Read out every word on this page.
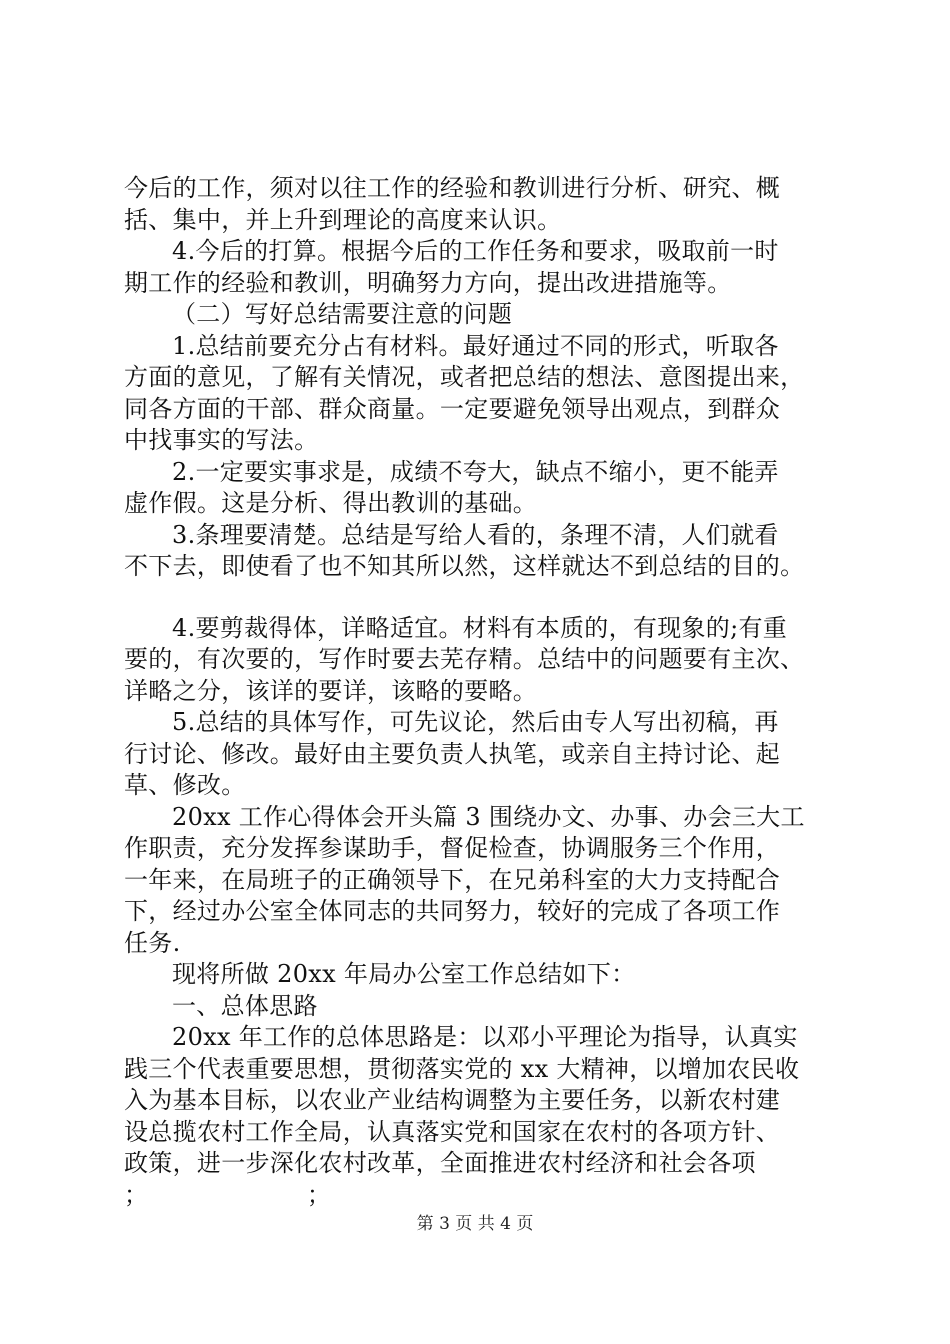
今后的工作，须对以往工作的经验和教训进行分析、研究、概
括、集中，并上升到理论的高度来认识。
4.今后的打算。根据今后的工作任务和要求，吸取前一时
期工作的经验和教训，明确努力方向，提出改进措施等。
（二）写好总结需要注意的问题
1.总结前要充分占有材料。最好通过不同的形式，听取各
方面的意见，了解有关情况，或者把总结的想法、意图提出来，
同各方面的干部、群众商量。一定要避免领导出观点，到群众
中找事实的写法。
2.一定要实事求是，成绩不夸大，缺点不缩小，更不能弄
虚作假。这是分析、得出教训的基础。
3.条理要清楚。总结是写给人看的，条理不清，人们就看
不下去，即使看了也不知其所以然，这样就达不到总结的目的。
4.要剪裁得体，详略适宜。材料有本质的，有现象的;有重
要的，有次要的，写作时要去芜存精。总结中的问题要有主次、
详略之分，该详的要详，该略的要略。
5.总结的具体写作，可先议论，然后由专人写出初稿，再
行讨论、修改。最好由主要负责人执笔，或亲自主持讨论、起
草、修改。
20xx 工作心得体会开头篇 3 围绕办文、办事、办会三大工
作职责，充分发挥参谋助手，督促检查，协调服务三个作用，
一年来，在局班子的正确领导下，在兄弟科室的大力支持配合
下，经过办公室全体同志的共同努力，较好的完成了各项工作
任务.
现将所做 20xx 年局办公室工作总结如下：
一、总体思路
20xx 年工作的总体思路是：以邓小平理论为指导，认真实
践三个代表重要思想，贯彻落实党的 xx 大精神，以增加农民收
入为基本目标，以农业产业结构调整为主要任务，以新农村建
设总揽农村工作全局，认真落实党和国家在农村的各项方针、
政策，进一步深化农村改革，全面推进农村经济和社会各项
；                    ；
第 3 页 共 4 页
